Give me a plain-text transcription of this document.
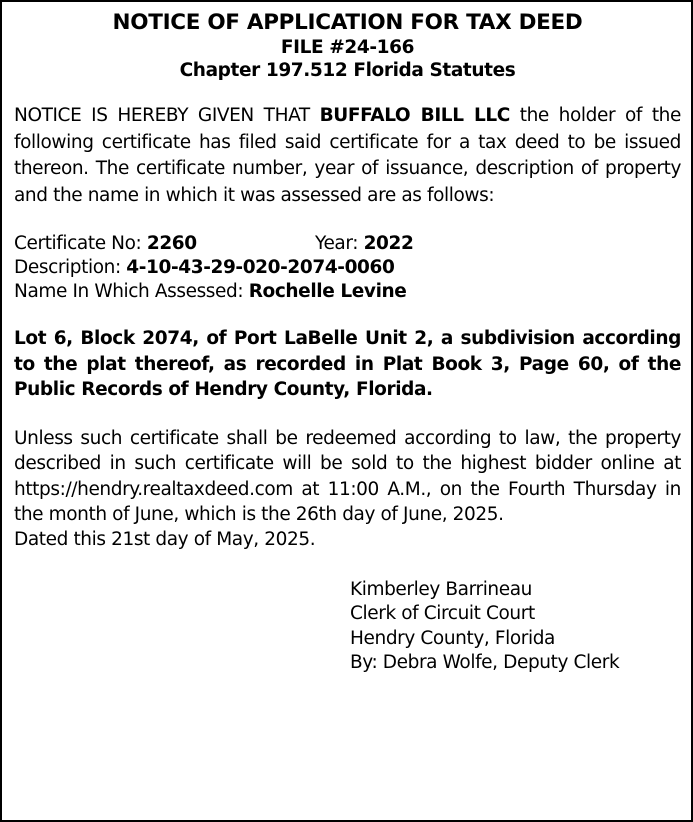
NOTICE OF APPLICATION FOR TAX DEED

FILE #24-166

Chapter 197.512 Florida Statutes

NOTICE IS HEREBY GIVEN THAT BUFFALO BILL LLC the holder of the following certificate has filed said certificate for a tax deed to be issued thereon. The certificate number, year of issuance, description of property and the name in which it was assessed are as follows:

Certificate No: 2260	Year: 2022
Description: 4-10-43-29-020-2074-0060
Name In Which Assessed: Rochelle Levine

Lot 6, Block 2074, of Port LaBelle Unit 2, a subdivision according to the plat thereof, as recorded in Plat Book 3, Page 60, of the Public Records of Hendry County, Florida.

Unless such certificate shall be redeemed according to law, the property described in such certificate will be sold to the highest bidder online at https://hendry.realtaxdeed.com at 11:00 A.M., on the Fourth Thursday in the month of June, which is the 26th day of June, 2025.

Dated this 21st day of May, 2025.

Kimberley Barrineau
Clerk of Circuit Court
Hendry County, Florida
By: Debra Wolfe, Deputy Clerk
